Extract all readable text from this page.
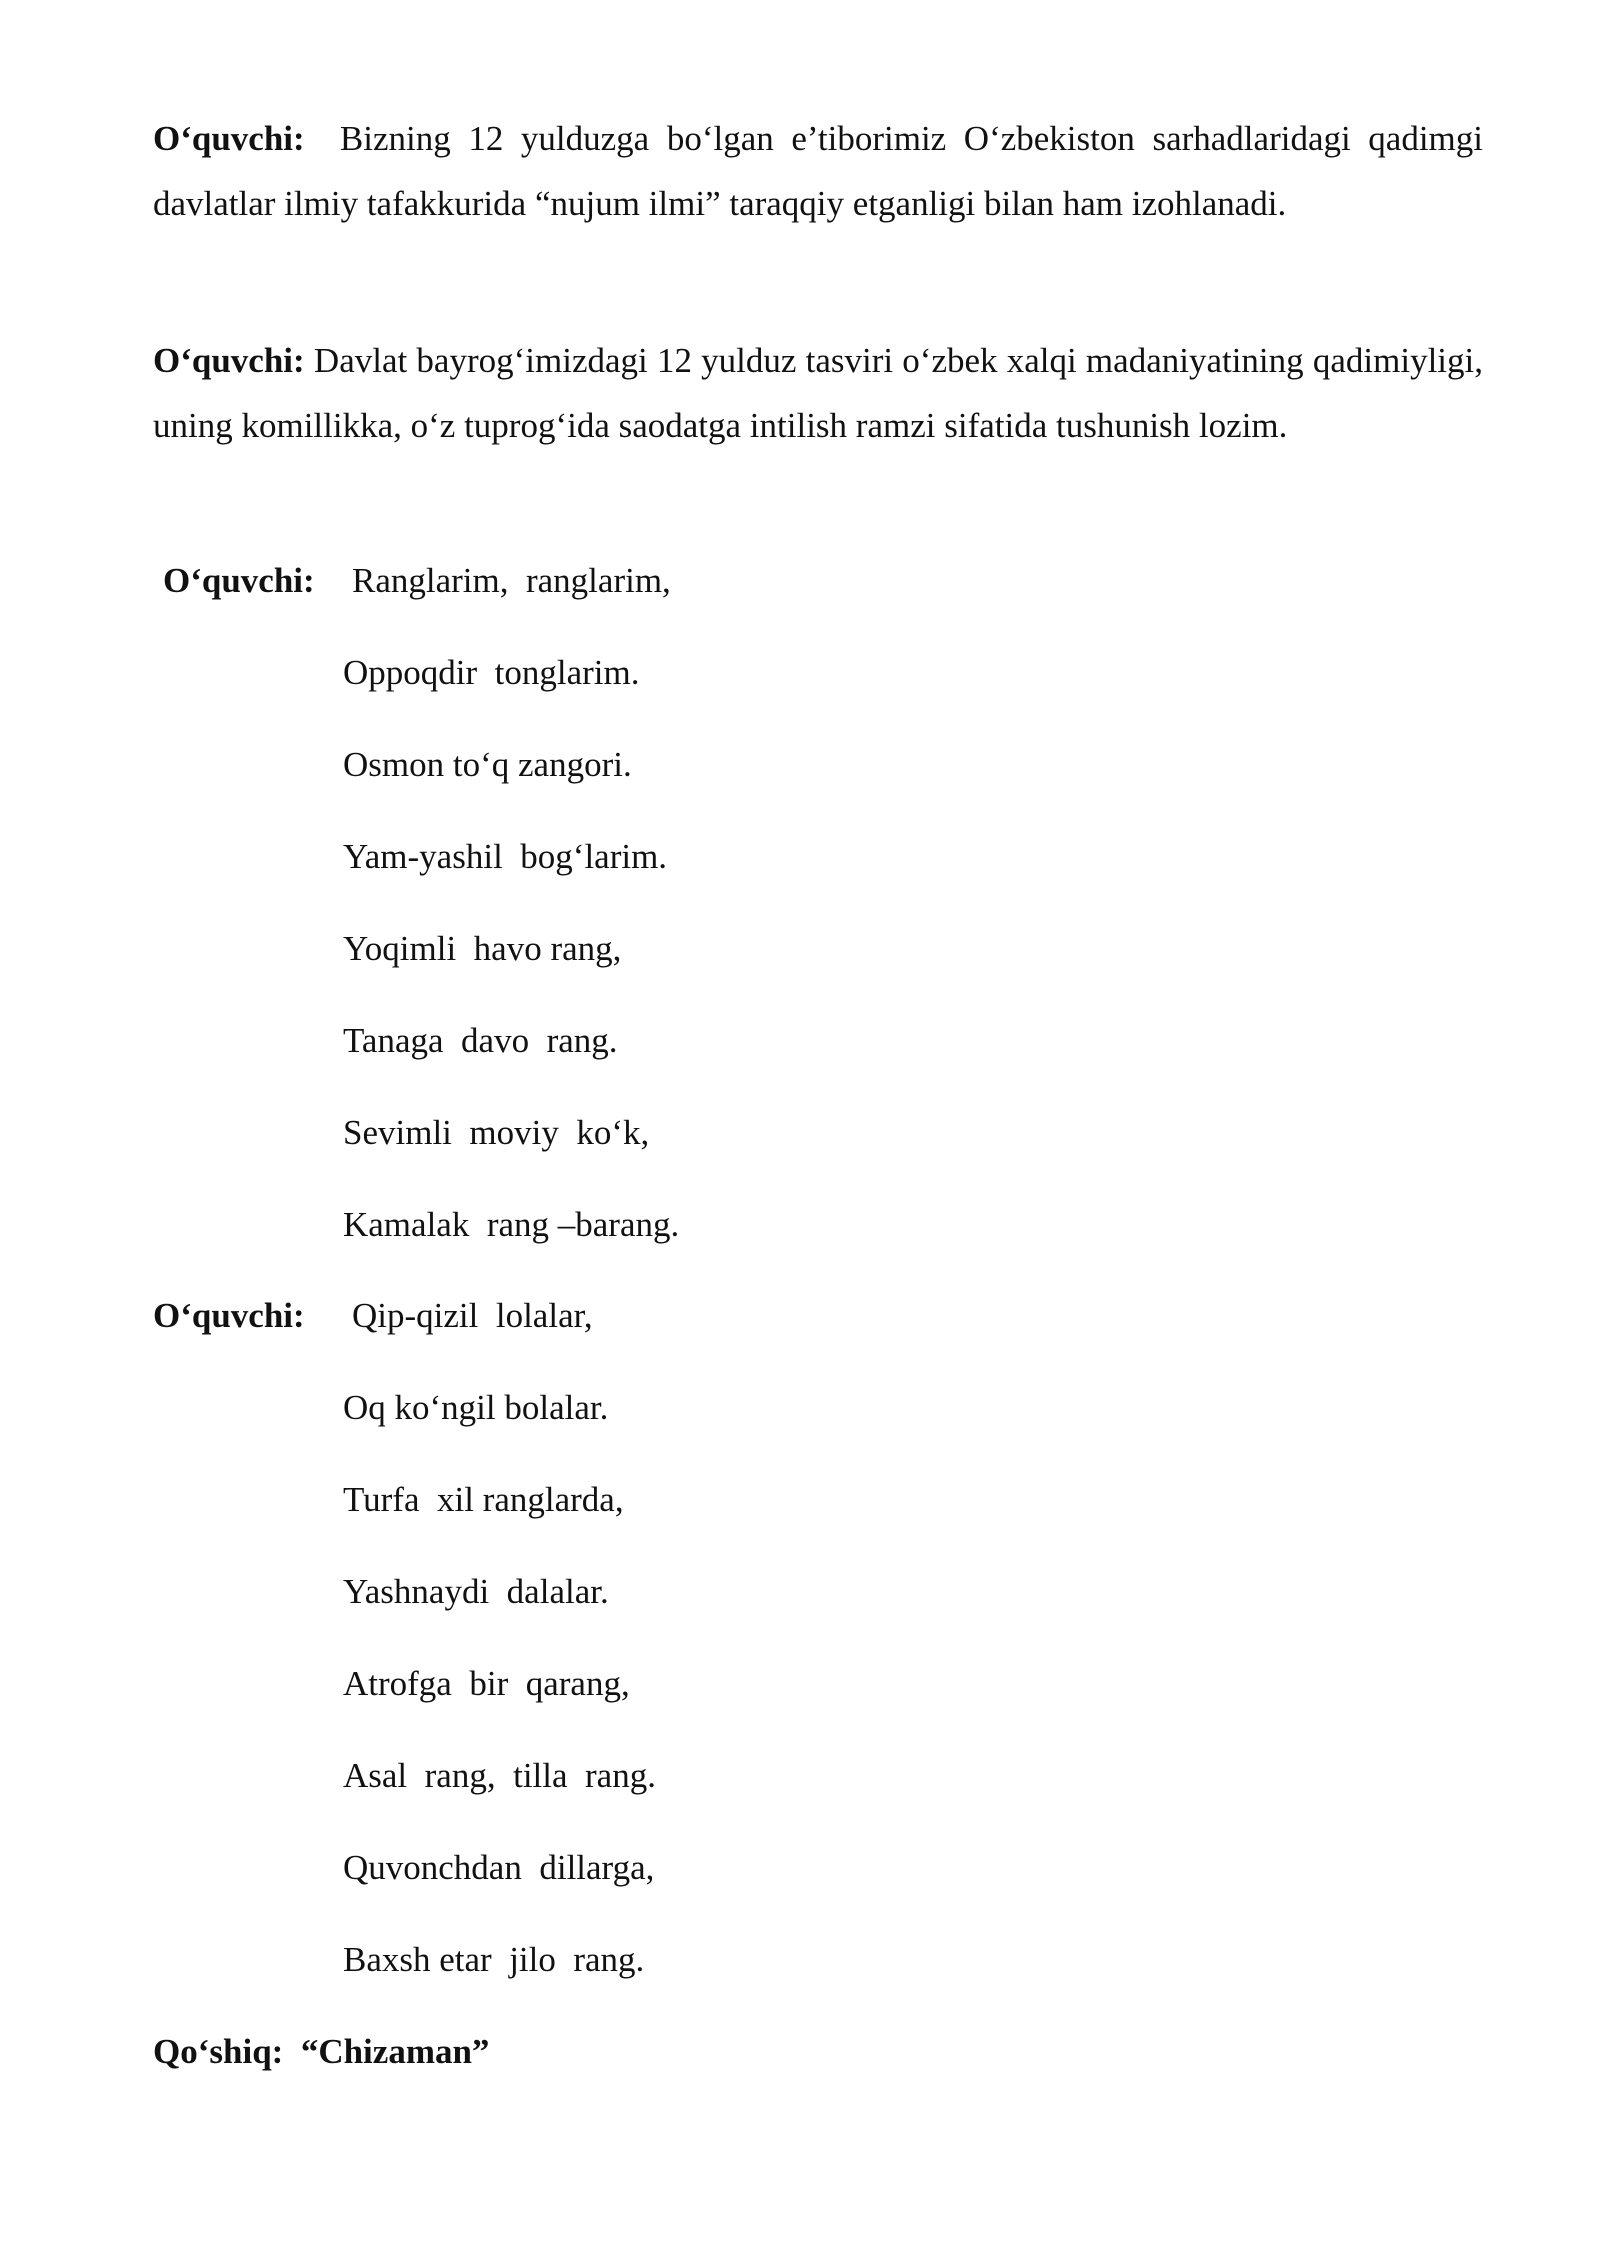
O‘quvchi: Bizning 12 yulduzga bo‘lgan e’tiborimiz O‘zbekiston sarhadlaridagi qadimgi davlatlar ilmiy tafakkurida “nujum ilmi” taraqqiy etganligi bilan ham izohlanadi.

O‘quvchi: Davlat bayrog‘imizdagi 12 yulduz tasviri o‘zbek xalqi madaniyatining qadimiyligi, uning komillikka, o‘z tuprog‘ida saodatga intilish ramzi sifatida tushunish lozim.

O‘quvchi: Ranglarim,  ranglarim,

Oppoqdir  tonglarim.

Osmon to‘q zangori.

Yam-yashil  bog‘larim.

Yoqimli  havo rang,

Tanaga  davo  rang.

Sevimli  moviy  ko‘k,

Kamalak  rang –barang.

O‘quvchi: Qip-qizil  lolalar,

Oq ko‘ngil bolalar.

Turfa  xil ranglarda,

Yashnaydi  dalalar.

Atrofga  bir  qarang,

Asal  rang,  tilla  rang.

Quvonchdan  dillarga,

Baxsh etar  jilo  rang.

Qo‘shiq: “Chizaman”
